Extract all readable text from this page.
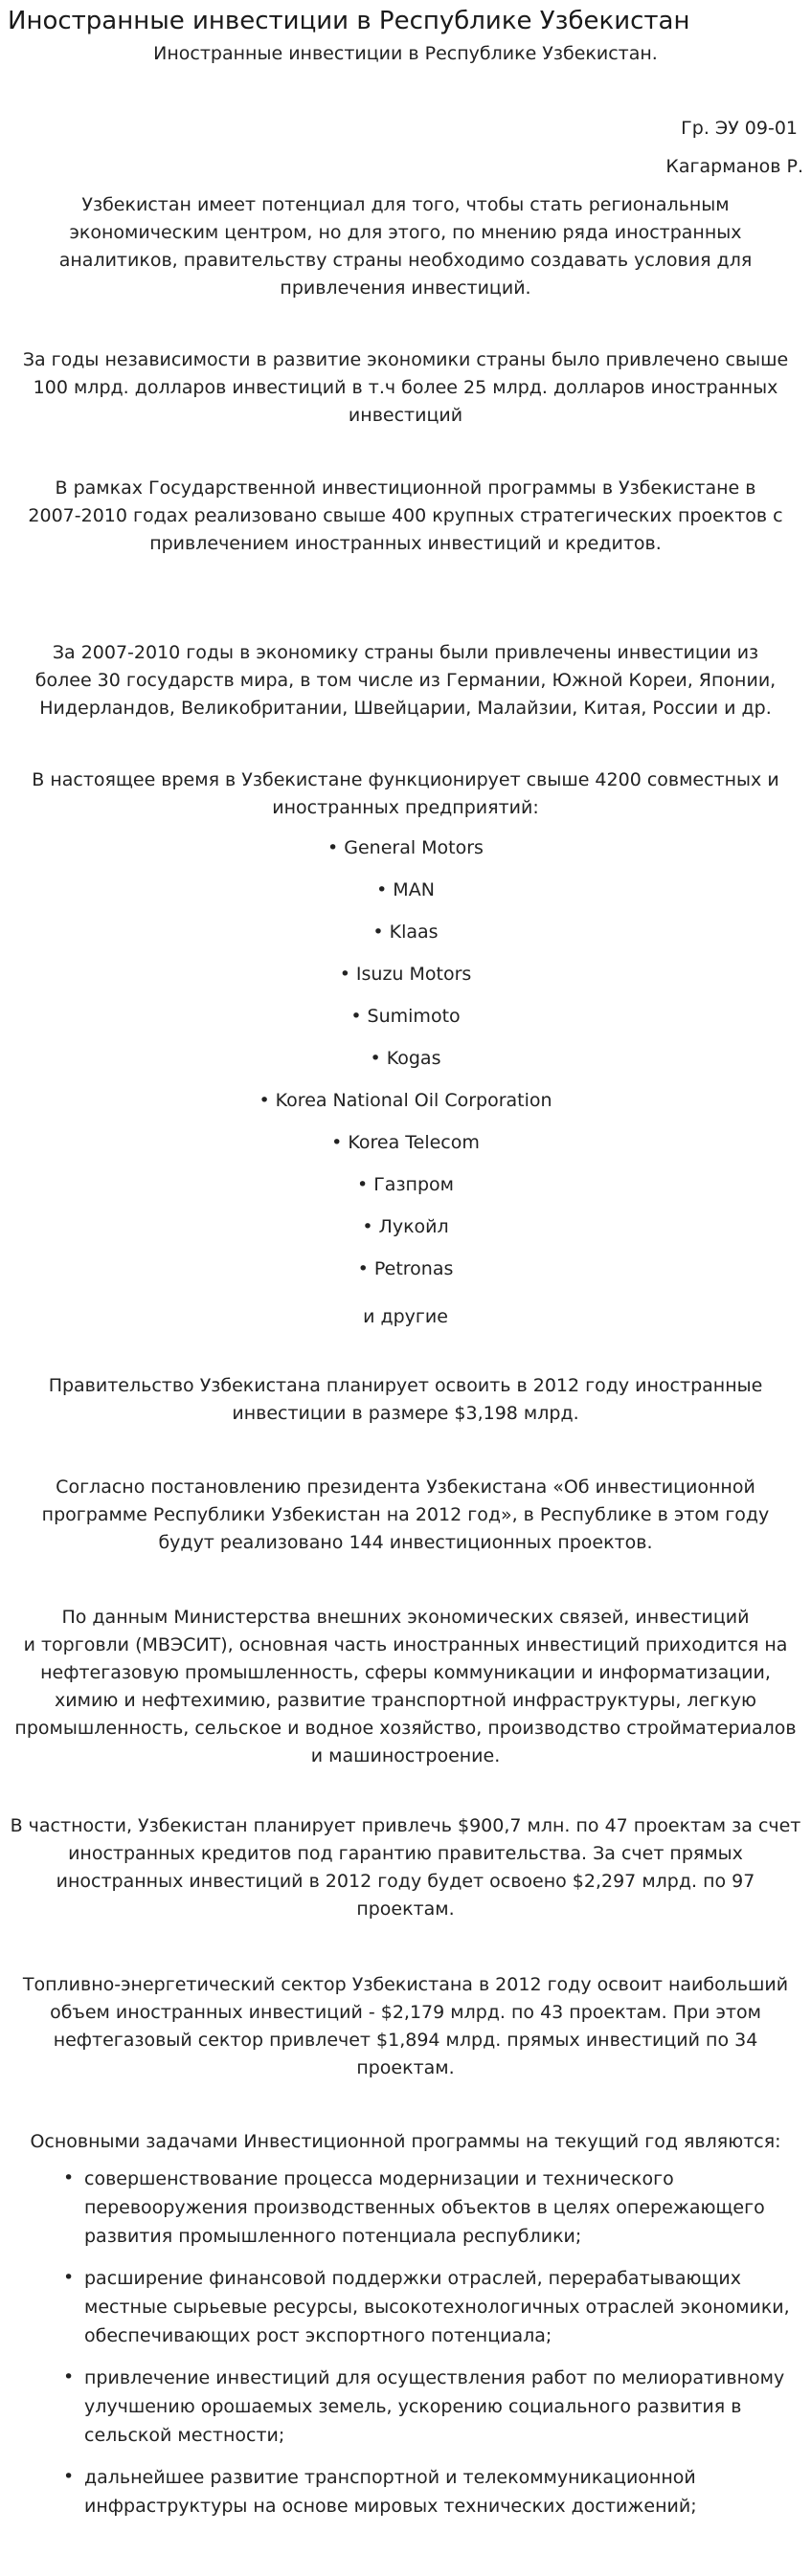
Иностранные инвестиции в Республике Узбекистан
Иностранные инвестиции в Республике Узбекистан.
Гр. ЭУ 09-01
Кагарманов Р.

Узбекистан имеет потенциал для того, чтобы стать региональным
экономическим центром, но для этого, по мнению ряда иностранных
аналитиков, правительству страны необходимо создавать условия для
привлечения инвестиций.

За годы независимости в развитие экономики страны было привлечено свыше
100 млрд. долларов инвестиций в т.ч более 25 млрд. долларов иностранных
инвестиций

В рамках Государственной инвестиционной программы в Узбекистане в
2007-2010 годах реализовано свыше 400 крупных стратегических проектов с
привлечением иностранных инвестиций и кредитов.

За 2007-2010 годы в экономику страны были привлечены инвестиции из
более 30 государств мира, в том числе из Германии, Южной Кореи, Японии,
Нидерландов, Великобритании, Швейцарии, Малайзии, Китая, России и др.

В настоящее время в Узбекистане функционирует свыше 4200 совместных и
иностранных предприятий:

• General Motors
• MAN
• Klaas
• Isuzu Motors
• Sumimoto
• Kogas
• Korea National Oil Corporation
• Korea Telecom
• Газпром
• Лукойл
• Petronas
и другие

Правительство Узбекистана планирует освоить в 2012 году иностранные
инвестиции в размере $3,198 млрд.

Согласно постановлению президента Узбекистана «Об инвестиционной
программе Республики Узбекистан на 2012 год», в Республике в этом году
будут реализовано 144 инвестиционных проектов.

По данным Министерства внешних экономических связей, инвестиций
и торговли (МВЭСИТ), основная часть иностранных инвестиций приходится на
нефтегазовую промышленность, сферы коммуникации и информатизации,
химию и нефтехимию, развитие транспортной инфраструктуры, легкую
промышленность, сельское и водное хозяйство, производство стройматериалов
и машиностроение.

В частности, Узбекистан планирует привлечь $900,7 млн. по 47 проектам за счет
иностранных кредитов под гарантию правительства. За счет прямых
иностранных инвестиций в 2012 году будет освоено $2,297 млрд. по 97
проектам.

Топливно-энергетический сектор Узбекистана в 2012 году освоит наибольший
объем иностранных инвестиций - $2,179 млрд. по 43 проектам. При этом
нефтегазовый сектор привлечет $1,894 млрд. прямых инвестиций по 34
проектам.

Основными задачами Инвестиционной программы на текущий год являются:

• совершенствование процесса модернизации и технического
перевооружения производственных объектов в целях опережающего
развития промышленного потенциала республики;
• расширение финансовой поддержки отраслей, перерабатывающих
местные сырьевые ресурсы, высокотехнологичных отраслей экономики,
обеспечивающих рост экспортного потенциала;
• привлечение инвестиций для осуществления работ по мелиоративному
улучшению орошаемых земель, ускорению социального развития в
сельской местности;
• дальнейшее развитие транспортной и телекоммуникационной
инфраструктуры на основе мировых технических достижений;
